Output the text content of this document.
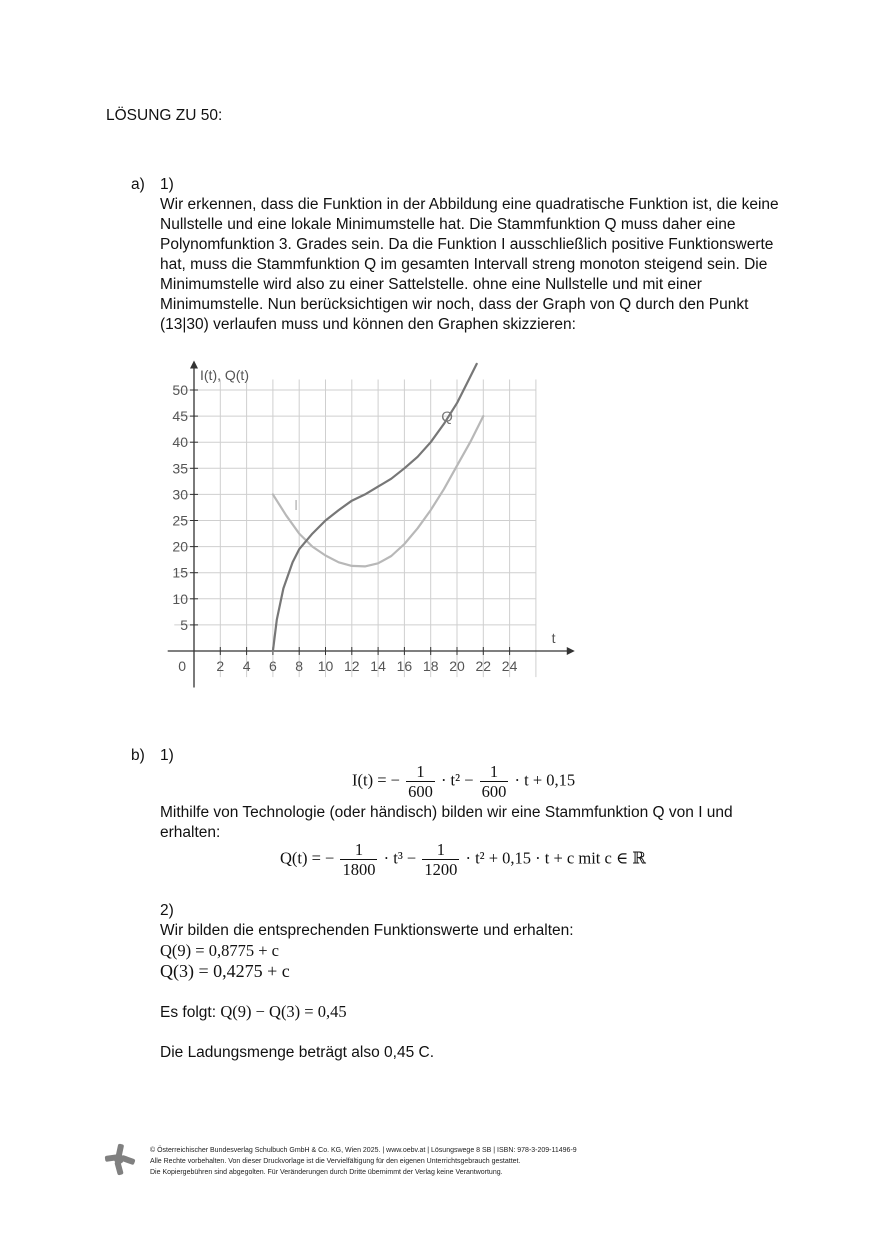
LÖSUNG ZU 50:
a) 1)
Wir erkennen, dass die Funktion in der Abbildung eine quadratische Funktion ist, die keine
Nullstelle und eine lokale Minimumstelle hat. Die Stammfunktion Q muss daher eine
Polynomfunktion 3. Grades sein. Da die Funktion I ausschließlich positive Funktionswerte
hat, muss die Stammfunktion Q im gesamten Intervall streng monoton steigend sein. Die
Minimumstelle wird also zu einer Sattelstelle. ohne eine Nullstelle und mit einer
Minimumstelle. Nun berücksichtigen wir noch, dass der Graph von Q durch den Punkt
(13|30) verlaufen muss und können den Graphen skizzieren:
2 4 6 8 10 12 14 16 18 20 22 24
5
10
15
20
25
30
35
40
45
50
0
I(t), Q(t)
t
I
Q
b) 1)
I(t) = − $\frac{1}{600} \cdot t^2 - \frac{1}{600} \cdot t + 0,15$
Mithilfe von Technologie (oder händisch) bilden wir eine Stammfunktion Q von I und
erhalten:
Q(t) = − $\frac{1}{1800} \cdot t^3 - \frac{1}{1200} \cdot t^2 + 0,15 \cdot t + c$ mit c ∈ ℝ
2)
Wir bilden die entsprechenden Funktionswerte und erhalten:
Q(9) = 0,8775 + c
Q(3) = 0,4275 + c
Es folgt: Q(9) − Q(3) = 0,45
Die Ladungsmenge beträgt also 0,45 C.
© Österreichischer Bundesverlag Schulbuch GmbH & Co. KG, Wien 2025. | www.oebv.at | Lösungswege 8 SB | ISBN: 978-3-209-11496-9
Alle Rechte vorbehalten. Von dieser Druckvorlage ist die Vervielfältigung für den eigenen Unterrichtsgebrauch gestattet.
Die Kopiergebühren sind abgegolten. Für Veränderungen durch Dritte übernimmt der Verlag keine Verantwortung.
